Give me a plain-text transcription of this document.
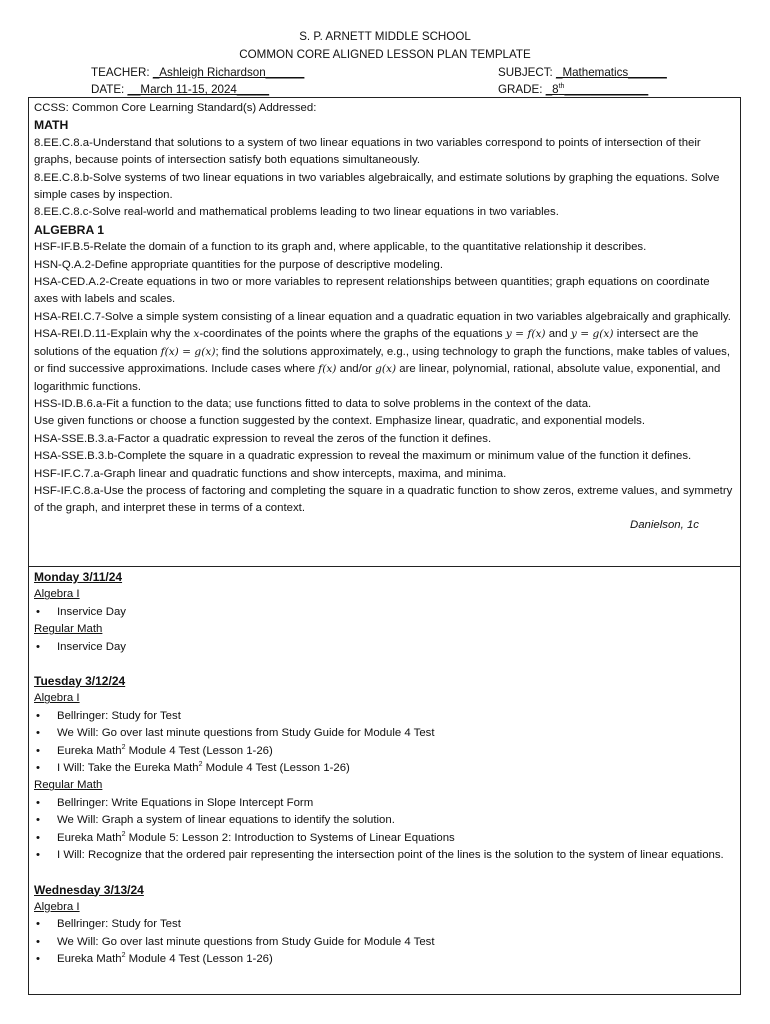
S. P. ARNETT MIDDLE SCHOOL
COMMON CORE ALIGNED LESSON PLAN TEMPLATE
TEACHER: _Ashleigh Richardson______
DATE: __March 11-15, 2024_____
SUBJECT: _Mathematics______
GRADE: _8th_____________

CCSS: Common Core Learning Standard(s) Addressed:

MATH

8.EE.C.8.a-Understand that solutions to a system of two linear equations in two variables correspond to points of intersection of their graphs, because points of intersection satisfy both equations simultaneously.

8.EE.C.8.b-Solve systems of two linear equations in two variables algebraically, and estimate solutions by graphing the equations. Solve simple cases by inspection.

8.EE.C.8.c-Solve real-world and mathematical problems leading to two linear equations in two variables.

ALGEBRA 1

HSF-IF.B.5-Relate the domain of a function to its graph and, where applicable, to the quantitative relationship it describes.

HSN-Q.A.2-Define appropriate quantities for the purpose of descriptive modeling.

HSA-CED.A.2-Create equations in two or more variables to represent relationships between quantities; graph equations on coordinate axes with labels and scales.

HSA-REI.C.7-Solve a simple system consisting of a linear equation and a quadratic equation in two variables algebraically and graphically.

HSA-REI.D.11-Explain why the x-coordinates of the points where the graphs of the equations y = f(x) and y = g(x) intersect are the solutions of the equation f(x) = g(x); find the solutions approximately, e.g., using technology to graph the functions, make tables of values, or find successive approximations. Include cases where f(x) and/or g(x) are linear, polynomial, rational, absolute value, exponential, and logarithmic functions.

HSS-ID.B.6.a-Fit a function to the data; use functions fitted to data to solve problems in the context of the data.

Use given functions or choose a function suggested by the context. Emphasize linear, quadratic, and exponential models.

HSA-SSE.B.3.a-Factor a quadratic expression to reveal the zeros of the function it defines.

HSA-SSE.B.3.b-Complete the square in a quadratic expression to reveal the maximum or minimum value of the function it defines.

HSF-IF.C.7.a-Graph linear and quadratic functions and show intercepts, maxima, and minima.

HSF-IF.C.8.a-Use the process of factoring and completing the square in a quadratic function to show zeros, extreme values, and symmetry of the graph, and interpret these in terms of a context.

Danielson, 1c

Monday 3/11/24

Algebra I

• Inservice Day

Regular Math

• Inservice Day

Tuesday 3/12/24

Algebra I

• Bellringer: Study for Test
• We Will: Go over last minute questions from Study Guide for Module 4 Test
• Eureka Math$^2$ Module 4 Test (Lesson 1-26)
• I Will: Take the Eureka Math$^2$ Module 4 Test (Lesson 1-26)

Regular Math

• Bellringer: Write Equations in Slope Intercept Form
• We Will: Graph a system of linear equations to identify the solution.
• Eureka Math$^2$ Module 5: Lesson 2: Introduction to Systems of Linear Equations
• I Will: Recognize that the ordered pair representing the intersection point of the lines is the solution to the system of linear equations.

Wednesday 3/13/24

Algebra I

• Bellringer: Study for Test
• We Will: Go over last minute questions from Study Guide for Module 4 Test
• Eureka Math$^2$ Module 4 Test (Lesson 1-26)
